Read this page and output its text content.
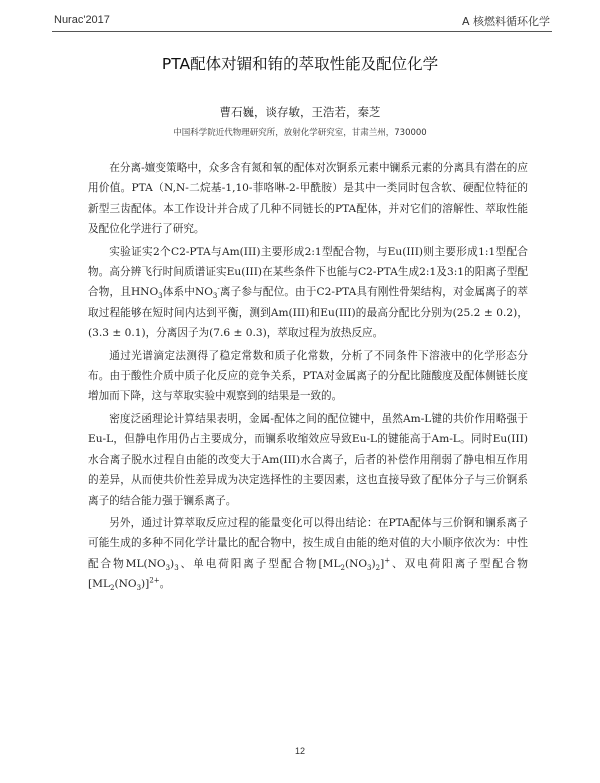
Nurac'2017	A 核燃料循环化学
PTA配体对镅和铕的萃取性能及配位化学
曹石巍，谈存敏，王浩若，秦芝
中国科学院近代物理研究所，放射化学研究室，甘肃兰州，730000

在分离-嬗变策略中，众多含有氮和氧的配体对次锕系元素中镧系元素的分离具有潜在的应用价值。PTA（N,N-二烷基-1,10-菲咯啉-2-甲酰胺）是其中一类同时包含软、硬配位特征的新型三齿配体。本工作设计并合成了几种不同链长的PTA配体，并对它们的溶解性、萃取性能及配位化学进行了研究。

实验证实2个C2-PTA与Am(III)主要形成2:1型配合物，与Eu(III)则主要形成1:1型配合物。高分辨飞行时间质谱证实Eu(III)在某些条件下也能与C2-PTA生成2:1及3:1的阳离子型配合物，且$HNO_3$体系中$NO_3^-$离子参与配位。由于C2-PTA具有刚性骨架结构，对金属离子的萃取过程能够在短时间内达到平衡，测到Am(III)和Eu(III)的最高分配比分别为(25.2 ± 0.2)，(3.3 ± 0.1)，分离因子为(7.6 ± 0.3)，萃取过程为放热反应。

通过光谱滴定法测得了稳定常数和质子化常数，分析了不同条件下溶液中的化学形态分布。由于酸性介质中质子化反应的竞争关系，PTA对金属离子的分配比随酸度及配体侧链长度增加而下降，这与萃取实验中观察到的结果是一致的。

密度泛函理论计算结果表明，金属-配体之间的配位键中，虽然Am-L键的共价作用略强于Eu-L，但静电作用仍占主要成分，而镧系收缩效应导致Eu-L的键能高于Am-L。同时Eu(III)水合离子脱水过程自由能的改变大于Am(III)水合离子，后者的补偿作用削弱了静电相互作用的差异，从而使共价性差异成为决定选择性的主要因素，这也直接导致了配体分子与三价锕系离子的结合能力强于镧系离子。

另外，通过计算萃取反应过程的能量变化可以得出结论：在PTA配体与三价锕和镧系离子可能生成的多种不同化学计量比的配合物中，按生成自由能的绝对值的大小顺序依次为：中性配合物$ML(NO_3)_3$、单电荷阳离子型配合物$[ML_2(NO_3)_2]^+$、双电荷阳离子型配合物$[ML_2(NO_3)]^{2+}$。

12
